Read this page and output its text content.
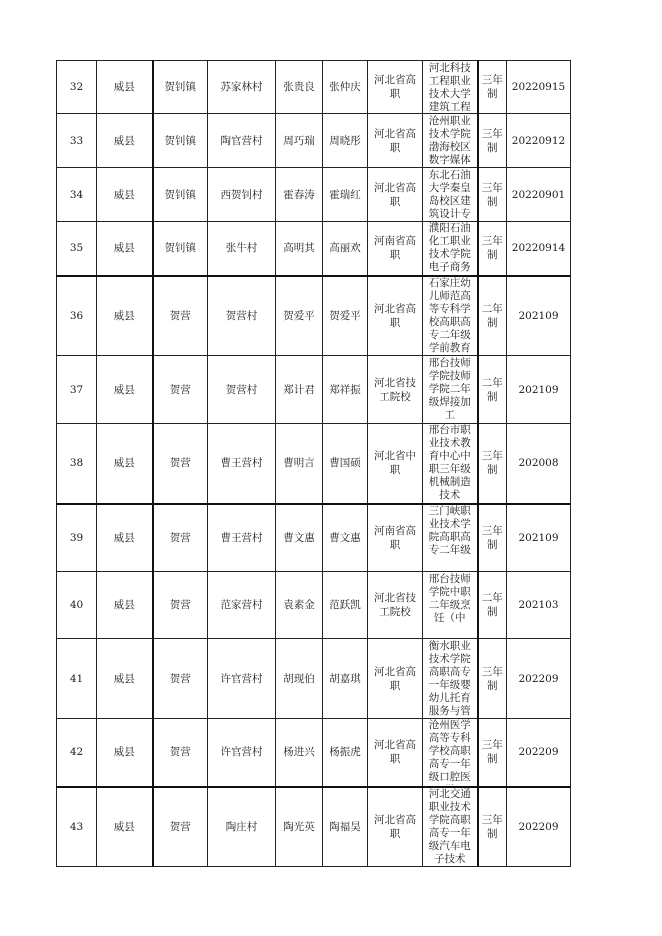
32	威县	贺钊镇	苏家林村	张贵良	张仲庆	河北省高职	河北科技工程职业技术大学建筑工程	三年制	20220915

33	威县	贺钊镇	陶官营村	周巧瑞	周晓彤	河北省高职	沧州职业技术学院渤海校区数字媒体	三年制	20220912

34	威县	贺钊镇	西贺钊村	霍春涛	霍瑞红	河北省高职	东北石油大学秦皇岛校区建筑设计专	三年制	20220901

35	威县	贺钊镇	张牛村	高明其	高丽欢	河南省高职	濮阳石油化工职业技术学院电子商务	三年制	20220914

36	威县	贺营	贺营村	贺爱平	贺爱平	河北省高职	石家庄幼儿师范高等专科学校高职高专二年级学前教育	二年制	202109

37	威县	贺营	贺营村	郑计君	郑祥振	河北省技工院校	邢台技师学院技师学院二年级焊接加工	二年制	202109

38	威县	贺营	曹王营村	曹明言	曹国硕	河北省中职	邢台市职业技术教育中心中职三年级机械制造技术	三年制	202008

39	威县	贺营	曹王营村	曹文惠	曹文惠	河南省高职	三门峡职业技术学院高职高专二年级	三年制	202109

40	威县	贺营	范家营村	袁素金	范跃凯	河北省技工院校	邢台技师学院中职二年级烹饪（中	二年制	202103

41	威县	贺营	许官营村	胡现伯	胡嘉琪	河北省高职	衡水职业技术学院高职高专一年级婴幼儿托育服务与管	三年制	202209

42	威县	贺营	许官营村	杨进兴	杨振虎	河北省高职	沧州医学高等专科学校高职高专一年级口腔医	三年制	202209

43	威县	贺营	陶庄村	陶光英	陶福昊	河北省高职	河北交通职业技术学院高职高专一年级汽车电子技术	三年制	202209
